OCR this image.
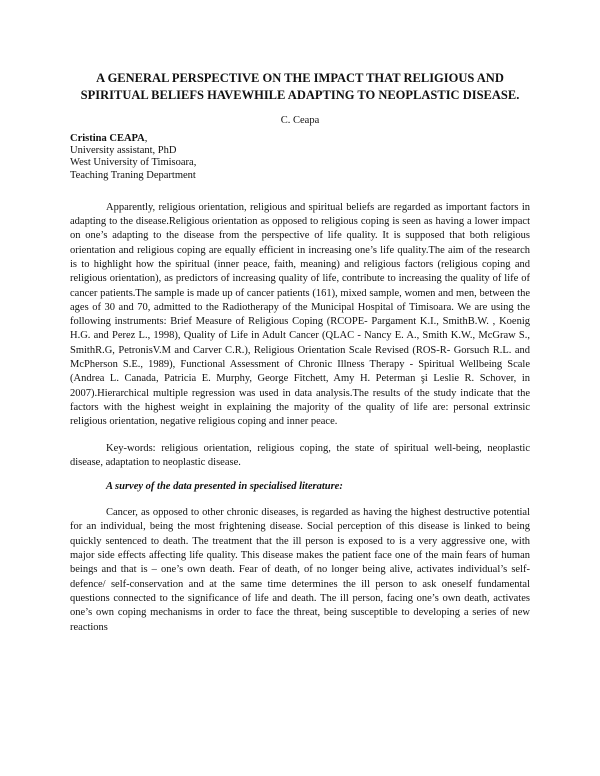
A GENERAL PERSPECTIVE ON THE IMPACT THAT RELIGIOUS AND SPIRITUAL BELIEFS HAVEWHILE ADAPTING TO NEOPLASTIC DISEASE.

C. Ceapa

Cristina CEAPA,
University assistant, PhD
West University of Timisoara,
Teaching Traning Department

Apparently, religious orientation, religious and spiritual beliefs are regarded as important factors in adapting to the disease.Religious orientation as opposed to religious coping is seen as having a lower impact on one’s adapting to the disease from the perspective of life quality. It is supposed that both religious orientation and religious coping are equally efficient in increasing one’s life quality.The aim of the research is to highlight how the spiritual (inner peace, faith, meaning) and religious factors (religious coping and religious orientation), as predictors of increasing quality of life, contribute to increasing the quality of life of cancer patients.The sample is made up of cancer patients (161), mixed sample, women and men, between the ages of 30 and 70, admitted to the Radiotherapy of the Municipal Hospital of Timisoara. We are using the following instruments: Brief Measure of Religious Coping (RCOPE- Pargament K.I., SmithB.W. , Koenig H.G. and Perez L., 1998), Quality of Life in Adult Cancer (QLAC - Nancy E. A., Smith K.W., McGraw S., SmithR.G, PetronisV.M and Carver C.R.), Religious Orientation Scale Revised (ROS-R- Gorsuch R.L. and McPherson S.E., 1989), Functional Assessment of Chronic Illness Therapy - Spiritual Wellbeing Scale (Andrea L. Canada, Patricia E. Murphy, George Fitchett, Amy H. Peterman şi Leslie R. Schover, in 2007).Hierarchical multiple regression was used in data analysis.The results of the study indicate that the factors with the highest weight in explaining the majority of the quality of life are: personal extrinsic religious orientation, negative religious coping and inner peace.

Key-words: religious orientation, religious coping, the state of spiritual well-being, neoplastic disease, adaptation to neoplastic disease.

A survey of the data presented in specialised literature:

Cancer, as opposed to other chronic diseases, is regarded as having the highest destructive potential for an individual, being the most frightening disease. Social perception of this disease is linked to being quickly sentenced to death. The treatment that the ill person is exposed to is a very aggressive one, with major side effects affecting life quality. This disease makes the patient face one of the main fears of human beings and that is – one’s own death. Fear of death, of no longer being alive, activates individual’s self-defence/ self-conservation and at the same time determines the ill person to ask oneself fundamental questions connected to the significance of life and death. The ill person, facing one’s own death, activates one’s own coping mechanisms in order to face the threat, being susceptible to developing a series of new reactions
